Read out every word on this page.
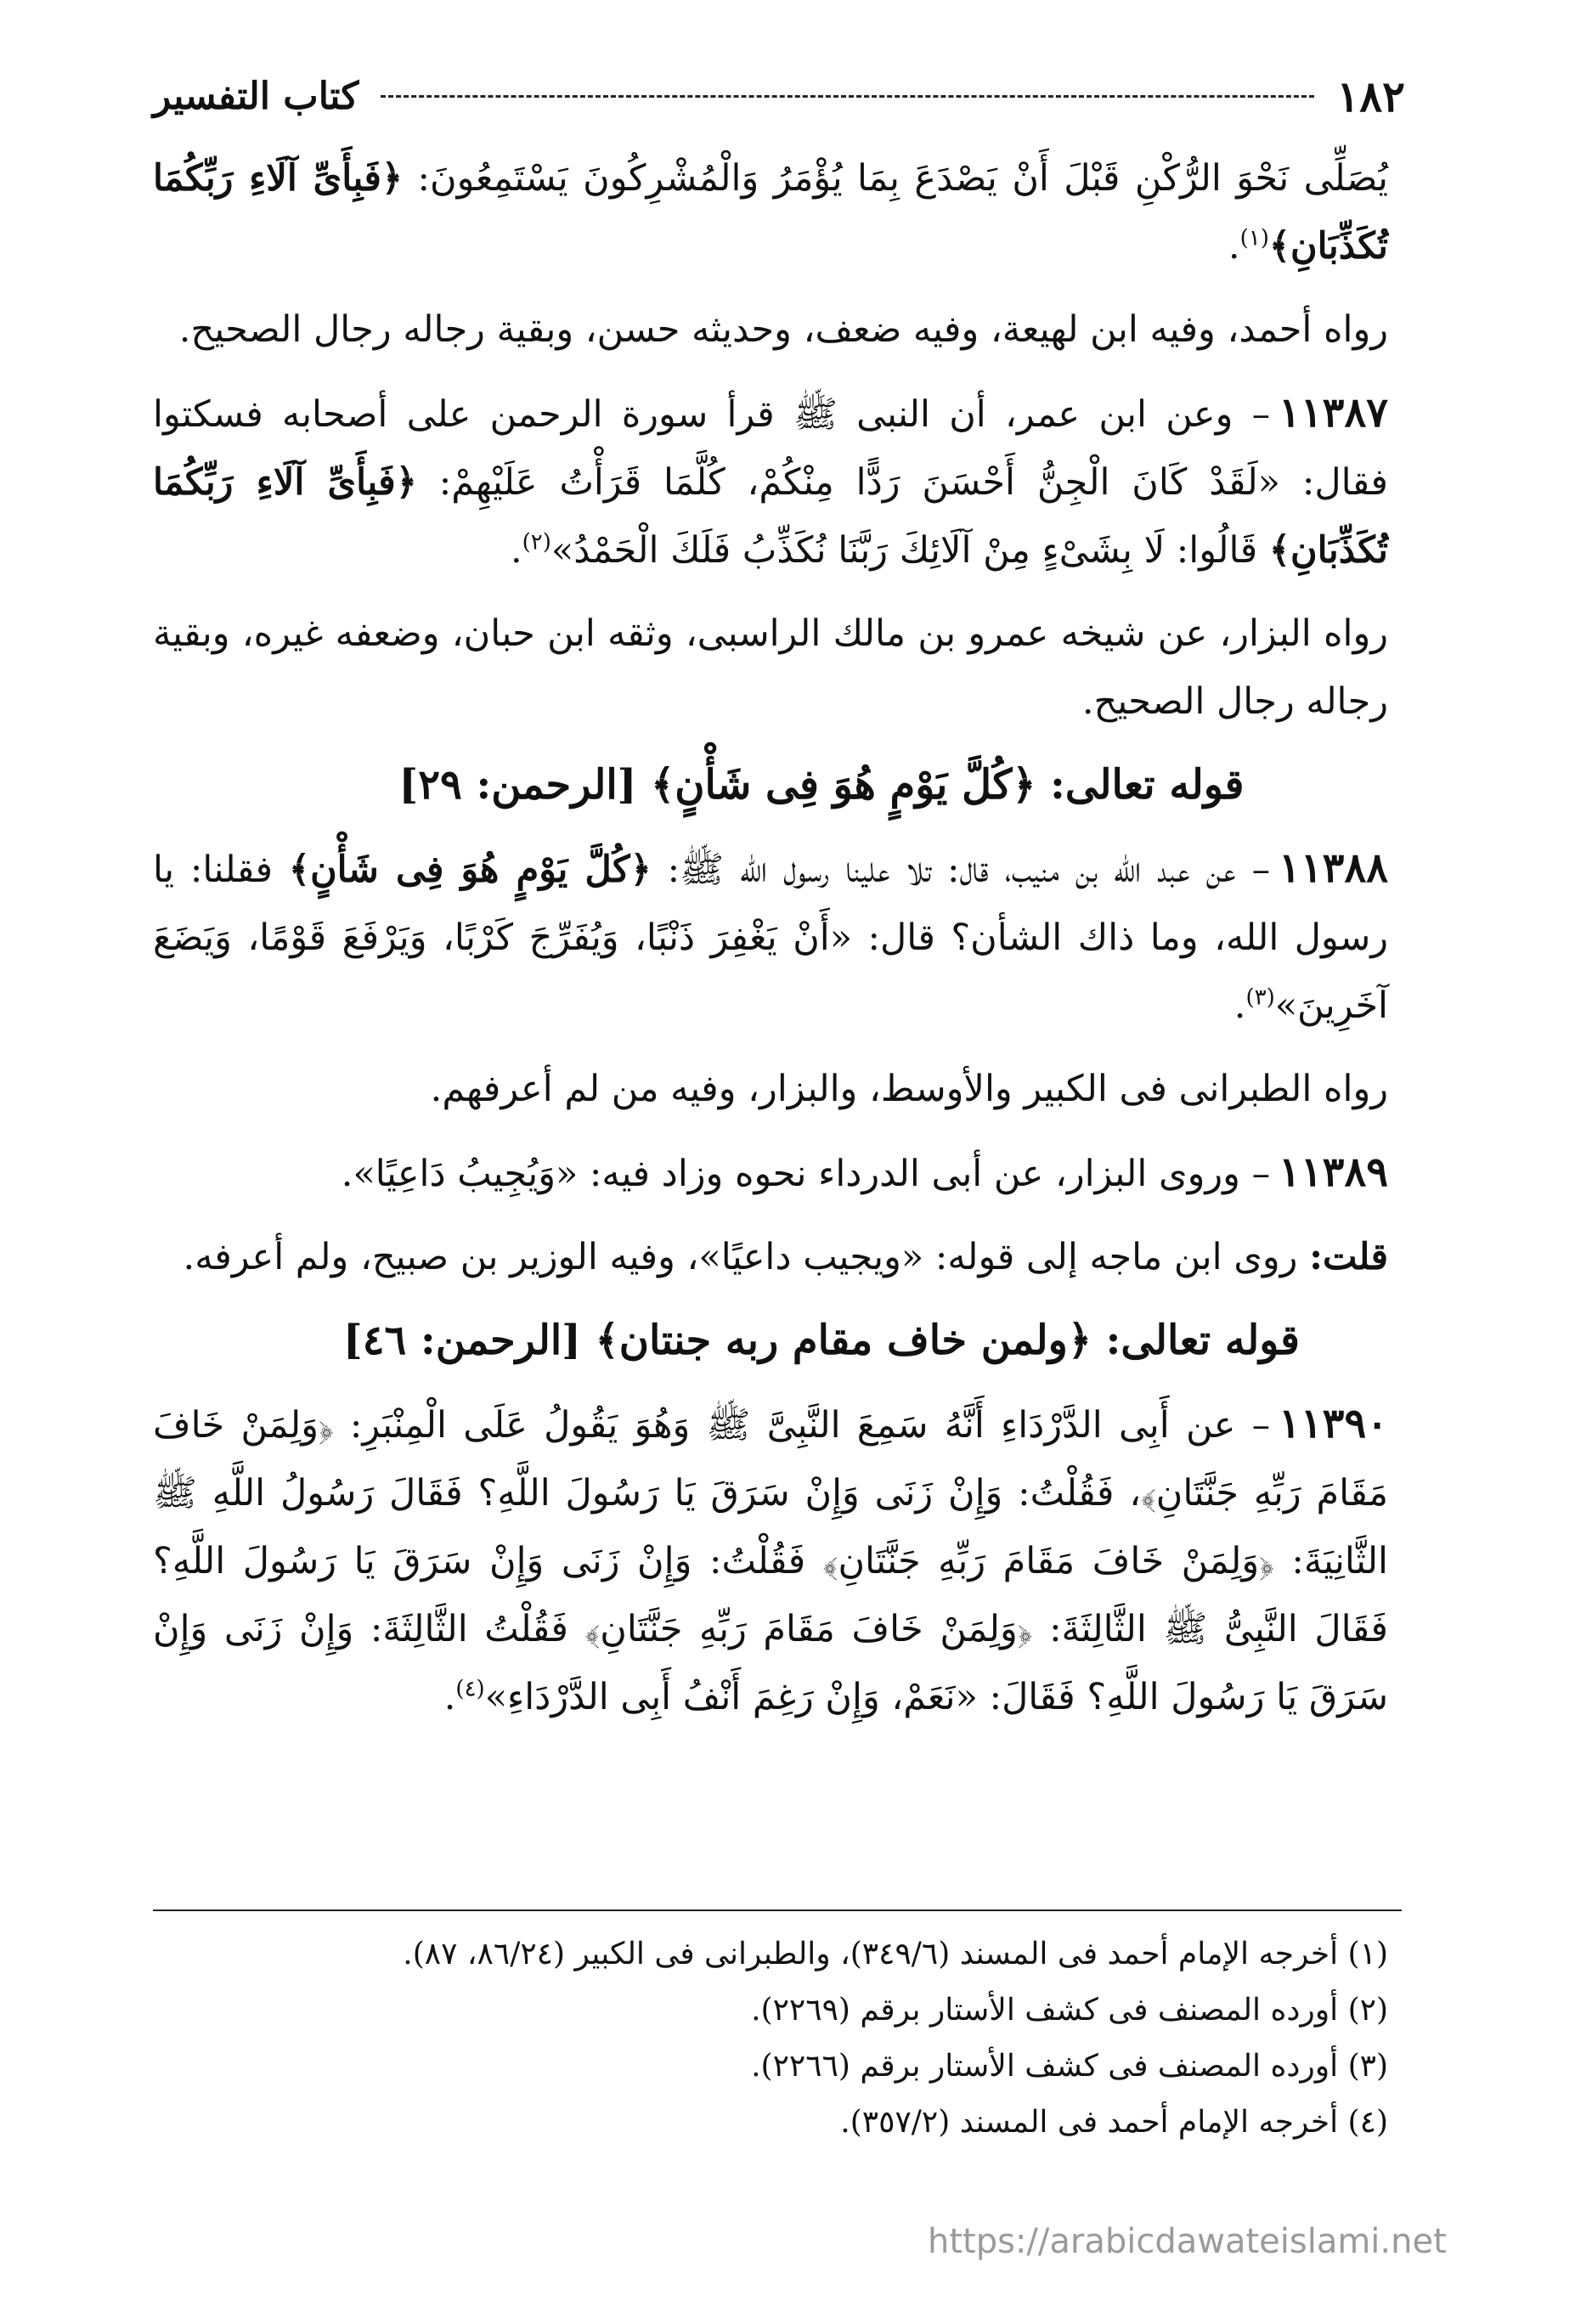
١٨٢
كتاب التفسير

يُصَلِّى نَحْوَ الرُّكْنِ قَبْلَ أَنْ يَصْدَعَ بِمَا يُؤْمَرُ وَالْمُشْرِكُونَ يَسْتَمِعُونَ: ﴿فَبِأَىِّ آلَاءِ رَبِّكُمَا تُكَذِّبَانِ﴾$^{(١)}$.

رواه أحمد، وفيه ابن لهيعة، وفيه ضعف، وحديثه حسن، وبقية رجاله رجال الصحيح.

١١٣٨٧– وعن ابن عمر، أن النبى ﷺ قرأ سورة الرحمن على أصحابه فسكتوا فقال: «لَقَدْ كَانَ الْجِنُّ أَحْسَنَ رَدًّا مِنْكُمْ، كُلَّمَا قَرَأْتُ عَلَيْهِمْ: ﴿فَبِأَىِّ آلَاءِ رَبِّكُمَا تُكَذِّبَانِ﴾ قَالُوا: لَا بِشَىْءٍ مِنْ آلَائِكَ رَبَّنَا نُكَذِّبُ فَلَكَ الْحَمْدُ»$^{(٢)}$.

رواه البزار، عن شيخه عمرو بن مالك الراسبى، وثقه ابن حبان، وضعفه غيره، وبقية رجاله رجال الصحيح.

قوله تعالى: ﴿كُلَّ يَوْمٍ هُوَ فِى شَأْنٍ﴾ [الرحمن: ٢٩]

١١٣٨٨– عن عبد الله بن منيب، قال: تلا علينا رسول الله ﷺ: ﴿كُلَّ يَوْمٍ هُوَ فِى شَأْنٍ﴾ فقلنا: يا رسول الله، وما ذاك الشأن؟ قال: «أَنْ يَغْفِرَ ذَنْبًا، وَيُفَرِّجَ كَرْبًا، وَيَرْفَعَ قَوْمًا، وَيَضَعَ آخَرِينَ»$^{(٣)}$.

رواه الطبرانى فى الكبير والأوسط، والبزار، وفيه من لم أعرفهم.

١١٣٨٩– وروى البزار، عن أبى الدرداء نحوه وزاد فيه: «وَيُجِيبُ دَاعِيًا».

قلت: روى ابن ماجه إلى قوله: «ويجيب داعيًا»، وفيه الوزير بن صبيح، ولم أعرفه.

قوله تعالى: ﴿ولمن خاف مقام ربه جنتان﴾ [الرحمن: ٤٦]

١١٣٩٠– عن أَبِى الدَّرْدَاءِ أَنَّهُ سَمِعَ النَّبِىَّ ﷺ وَهُوَ يَقُولُ عَلَى الْمِنْبَرِ: ﴿وَلِمَنْ خَافَ مَقَامَ رَبِّهِ جَنَّتَانِ﴾، فَقُلْتُ: وَإِنْ زَنَى وَإِنْ سَرَقَ يَا رَسُولَ اللَّهِ؟ فَقَالَ رَسُولُ اللَّهِ ﷺ الثَّانِيَةَ: ﴿وَلِمَنْ خَافَ مَقَامَ رَبِّهِ جَنَّتَانِ﴾ فَقُلْتُ: وَإِنْ زَنَى وَإِنْ سَرَقَ يَا رَسُولَ اللَّهِ؟ فَقَالَ النَّبِىُّ ﷺ الثَّالِثَةَ: ﴿وَلِمَنْ خَافَ مَقَامَ رَبِّهِ جَنَّتَانِ﴾ فَقُلْتُ الثَّالِثَةَ: وَإِنْ زَنَى وَإِنْ سَرَقَ يَا رَسُولَ اللَّهِ؟ فَقَالَ: «نَعَمْ، وَإِنْ رَغِمَ أَنْفُ أَبِى الدَّرْدَاءِ»$^{(٤)}$.

(١) أخرجه الإمام أحمد فى المسند (٣٤٩/٦)، والطبرانى فى الكبير (٨٦/٢٤، ٨٧).

(٢) أورده المصنف فى كشف الأستار برقم (٢٢٦٩).

(٣) أورده المصنف فى كشف الأستار برقم (٢٢٦٦).

(٤) أخرجه الإمام أحمد فى المسند (٣٥٧/٢).

https://arabicdawateislami.net
